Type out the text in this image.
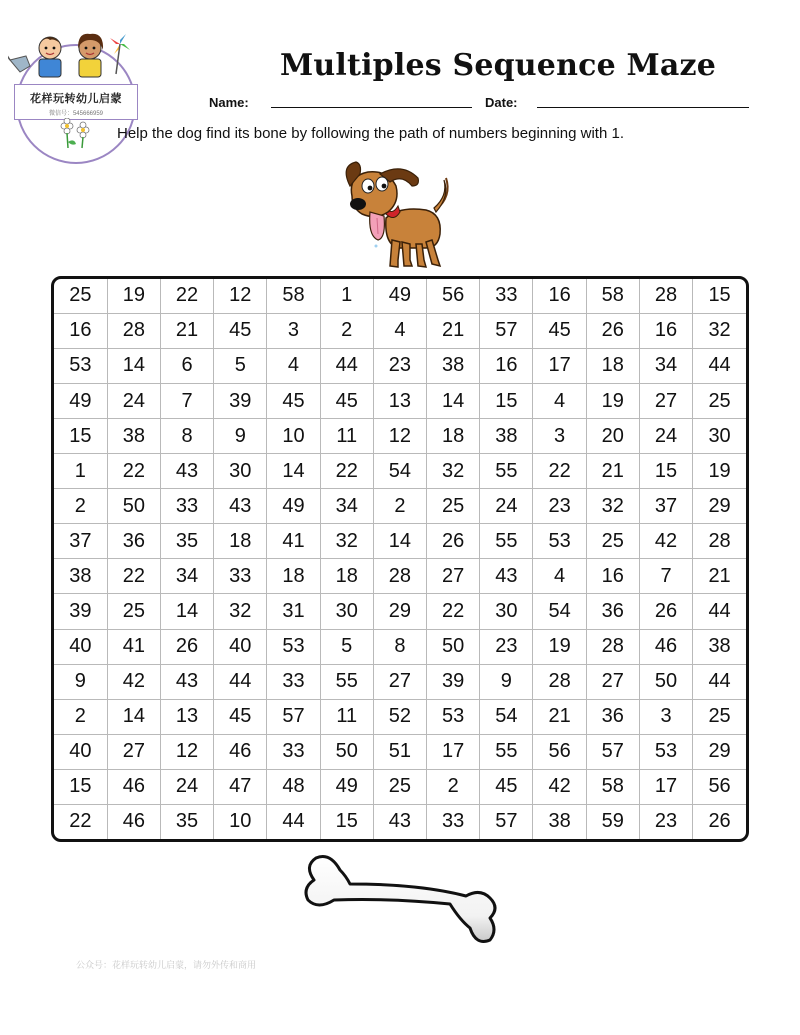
花样玩转幼儿启蒙
微信号：545666959
Multiples Sequence Maze
Name:	Date:
Help the dog find its bone by following the path of numbers beginning with 1.
25	19	22	12	58	1	49	56	33	16	58	28	15
16	28	21	45	3	2	4	21	57	45	26	16	32
53	14	6	5	4	44	23	38	16	17	18	34	44
49	24	7	39	45	45	13	14	15	4	19	27	25
15	38	8	9	10	11	12	18	38	3	20	24	30
1	22	43	30	14	22	54	32	55	22	21	15	19
2	50	33	43	49	34	2	25	24	23	32	37	29
37	36	35	18	41	32	14	26	55	53	25	42	28
38	22	34	33	18	18	28	27	43	4	16	7	21
39	25	14	32	31	30	29	22	30	54	36	26	44
40	41	26	40	53	5	8	50	23	19	28	46	38
9	42	43	44	33	55	27	39	9	28	27	50	44
2	14	13	45	57	11	52	53	54	21	36	3	25
40	27	12	46	33	50	51	17	55	56	57	53	29
15	46	24	47	48	49	25	2	45	42	58	17	56
22	46	35	10	44	15	43	33	57	38	59	23	26
公众号：花样玩转幼儿启蒙，请勿外传和商用
